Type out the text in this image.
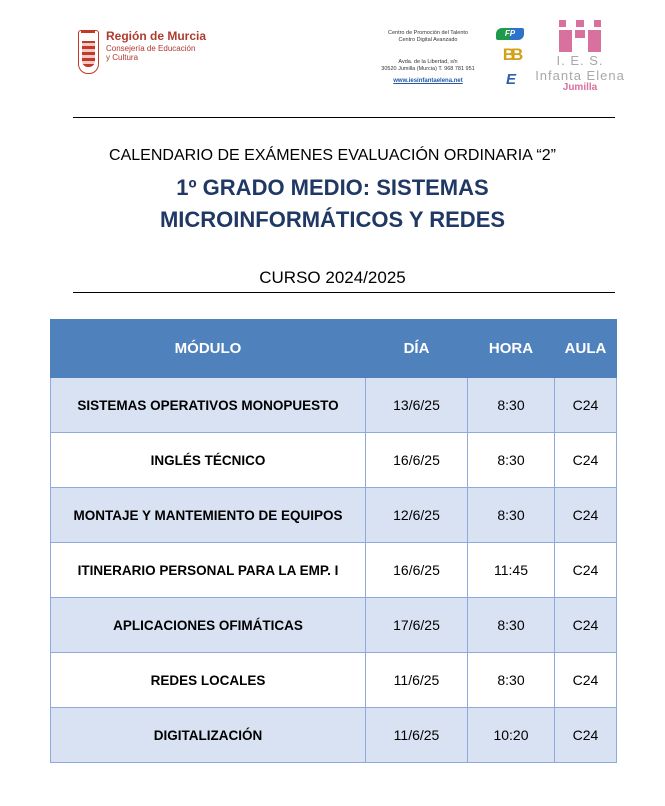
Región de Murcia
Consejería de Educación
y Cultura
Centro de Promoción del Talento
Centro Digital Avanzado
Avda. de la Libertad, s/n
30520 Jumilla (Murcia) T. 968 781 951
www.iesinfantaelena.net
FP
BB
E
I. E. S.
Infanta Elena
Jumilla
CALENDARIO DE EXÁMENES EVALUACIÓN ORDINARIA “2”
1º GRADO MEDIO: SISTEMAS
MICROINFORMÁTICOS Y REDES
CURSO 2024/2025
MÓDULO	DÍA	HORA	AULA
SISTEMAS OPERATIVOS MONOPUESTO	13/6/25	8:30	C24
INGLÉS TÉCNICO	16/6/25	8:30	C24
MONTAJE Y MANTEMIENTO DE EQUIPOS	12/6/25	8:30	C24
ITINERARIO PERSONAL PARA LA EMP. I	16/6/25	11:45	C24
APLICACIONES OFIMÁTICAS	17/6/25	8:30	C24
REDES LOCALES	11/6/25	8:30	C24
DIGITALIZACIÓN	11/6/25	10:20	C24
